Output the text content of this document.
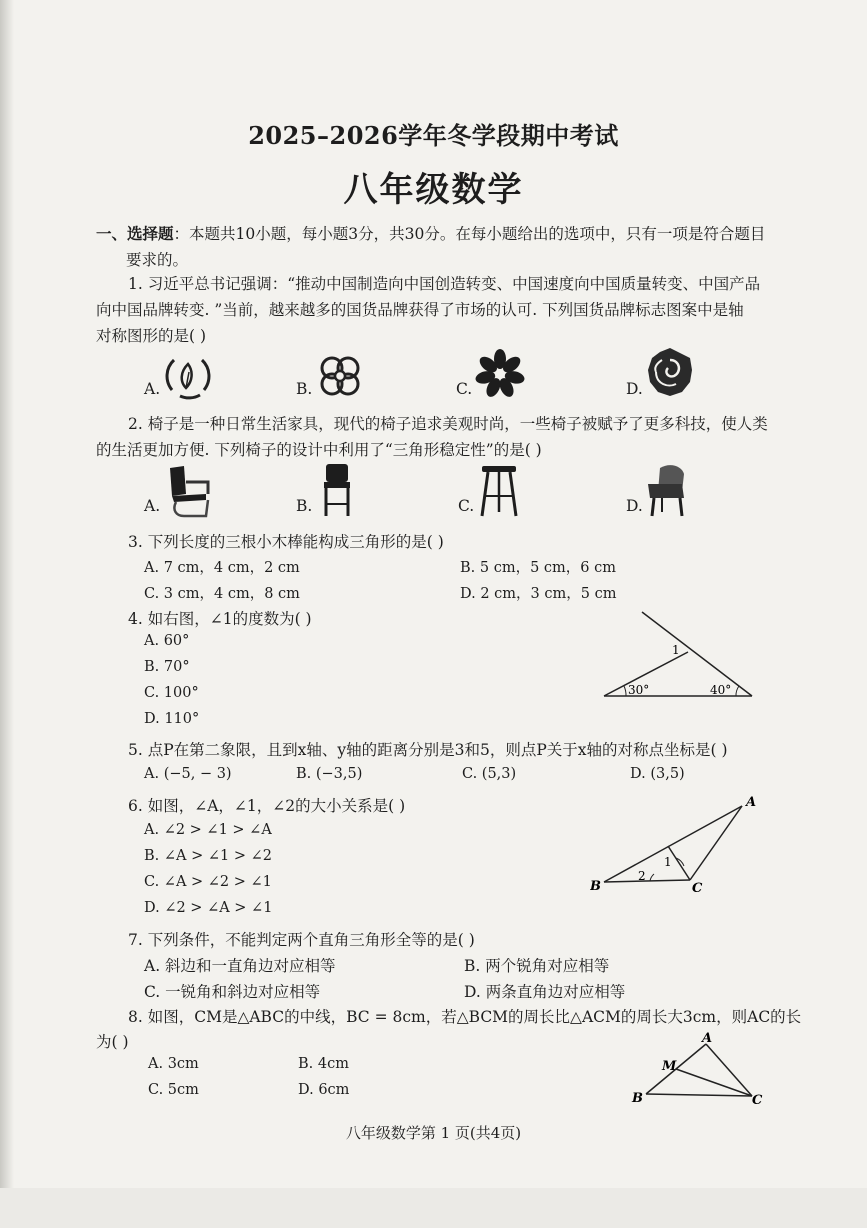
2025–2026学年冬学段期中考试
八年级数学
一、选择题：本题共10小题，每小题3分，共30分。在每小题给出的选项中，只有一项是符合题目
要求的。
1. 习近平总书记强调：“推动中国制造向中国创造转变、中国速度向中国质量转变、中国产品
向中国品牌转变. ”当前，越来越多的国货品牌获得了市场的认可. 下列国货品牌标志图案中是轴
对称图形的是( )
A.	B.	C.	D.
2. 椅子是一种日常生活家具，现代的椅子追求美观时尚，一些椅子被赋予了更多科技，使人类
的生活更加方便. 下列椅子的设计中利用了“三角形稳定性”的是( )
A.	B.	C.	D.
3. 下列长度的三根小木棒能构成三角形的是( )
A. 7 cm，4 cm，2 cm	B. 5 cm，5 cm，6 cm
C. 3 cm，4 cm，8 cm	D. 2 cm，3 cm，5 cm
4. 如右图，∠1的度数为( )
A. 60°
B. 70°
C. 100°
D. 110°
1
30°	40°
5. 点P在第二象限，且到x轴、y轴的距离分别是3和5，则点P关于x轴的对称点坐标是( )
A. (−5, − 3)	B. (−3,5)	C. (5,3)	D. (3,5)
6. 如图，∠A，∠1，∠2的大小关系是( )
A. ∠2 > ∠1 > ∠A
B. ∠A > ∠1 > ∠2
C. ∠A > ∠2 > ∠1
D. ∠2 > ∠A > ∠1
A
B	C
1
2
7. 下列条件，不能判定两个直角三角形全等的是( )
A. 斜边和一直角边对应相等	B. 两个锐角对应相等
C. 一锐角和斜边对应相等	D. 两条直角边对应相等
8. 如图，CM是△ABC的中线，BC = 8cm，若△BCM的周长比△ACM的周长大3cm，则AC的长
为( )
A. 3cm	B. 4cm
C. 5cm	D. 6cm
A
M
B	C
八年级数学第 1 页(共4页)
